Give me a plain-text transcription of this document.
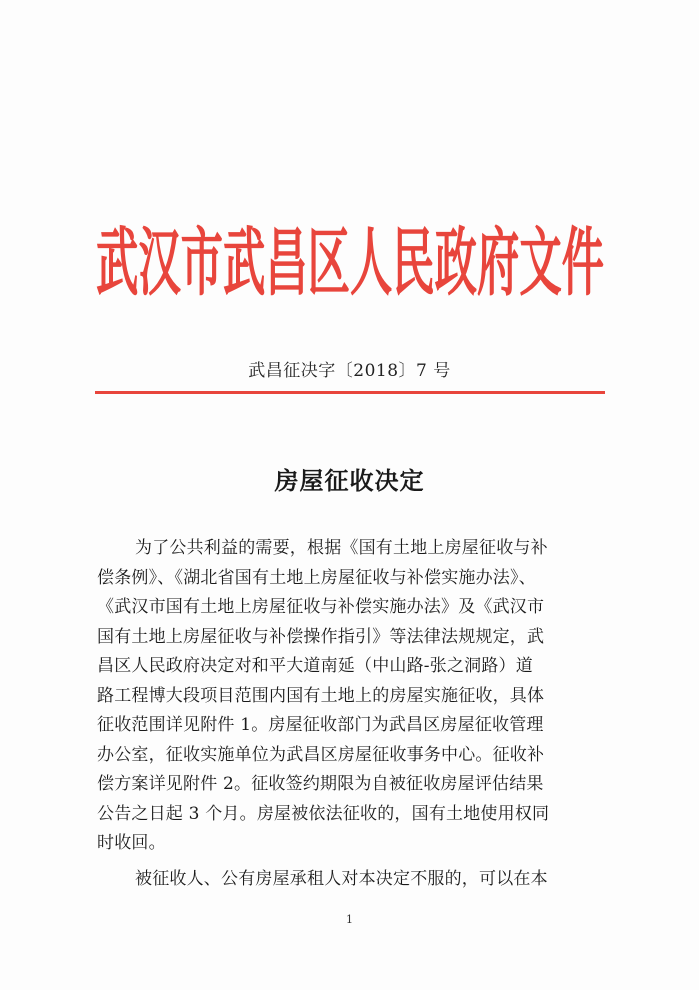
武汉市武昌区人民政府文件
武昌征决字〔2018〕7 号
房屋征收决定
为了公共利益的需要，根据《国有土地上房屋征收与补
偿条例》、《湖北省国有土地上房屋征收与补偿实施办法》、
《武汉市国有土地上房屋征收与补偿实施办法》及《武汉市
国有土地上房屋征收与补偿操作指引》等法律法规规定，武
昌区人民政府决定对和平大道南延（中山路-张之洞路）道
路工程博大段项目范围内国有土地上的房屋实施征收，具体
征收范围详见附件 1。房屋征收部门为武昌区房屋征收管理
办公室，征收实施单位为武昌区房屋征收事务中心。征收补
偿方案详见附件 2。征收签约期限为自被征收房屋评估结果
公告之日起 3 个月。房屋被依法征收的，国有土地使用权同
时收回。
被征收人、公有房屋承租人对本决定不服的，可以在本
1
